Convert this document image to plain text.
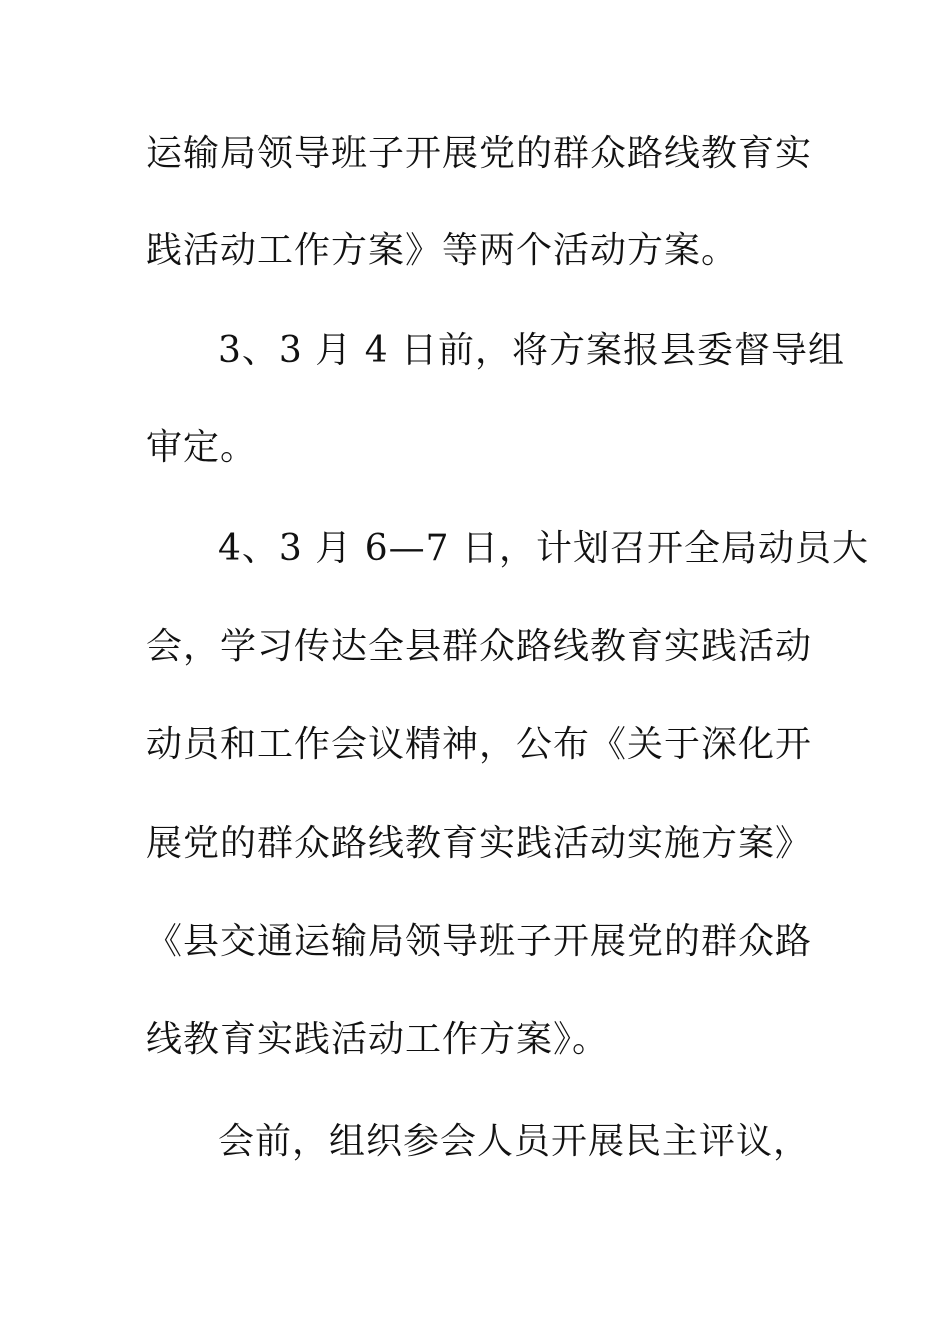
运输局领导班子开展党的群众路线教育实
践活动工作方案》等两个活动方案。
3、3 月 4 日前，将方案报县委督导组
审定。
4、3 月 6—7 日，计划召开全局动员大
会，学习传达全县群众路线教育实践活动
动员和工作会议精神，公布《关于深化开
展党的群众路线教育实践活动实施方案》
《县交通运输局领导班子开展党的群众路
线教育实践活动工作方案》。
会前，组织参会人员开展民主评议，
